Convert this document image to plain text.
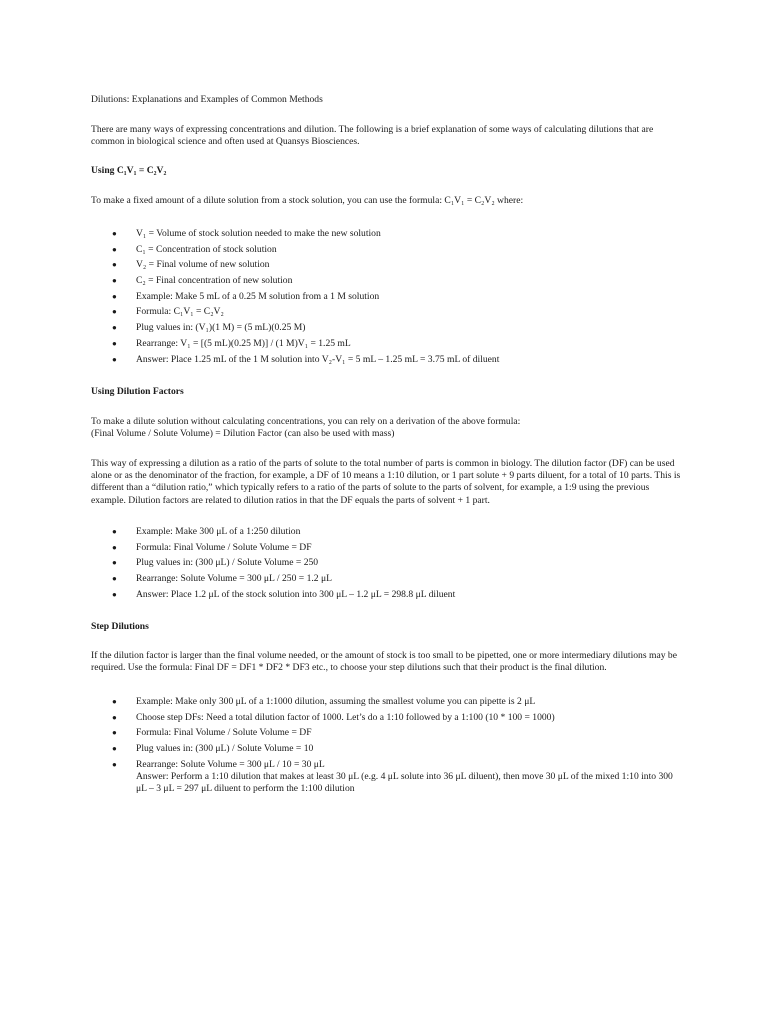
Dilutions: Explanations and Examples of Common Methods

There are many ways of expressing concentrations and dilution. The following is a brief explanation of some ways of calculating dilutions that are common in biological science and often used at Quansys Biosciences.

Using C₁V₁ = C₂V₂

To make a fixed amount of a dilute solution from a stock solution, you can use the formula: C₁V₁ = C₂V₂ where:

● V₁ = Volume of stock solution needed to make the new solution
● C₁ = Concentration of stock solution
● V₂ = Final volume of new solution
● C₂ = Final concentration of new solution
● Example: Make 5 mL of a 0.25 M solution from a 1 M solution
● Formula: C₁V₁ = C₂V₂
● Plug values in: (V₁)(1 M) = (5 mL)(0.25 M)
● Rearrange: V₁ = [(5 mL)(0.25 M)] / (1 M)V₁ = 1.25 mL
● Answer: Place 1.25 mL of the 1 M solution into V₂-V₁ = 5 mL – 1.25 mL = 3.75 mL of diluent
Using Dilution Factors

To make a dilute solution without calculating concentrations, you can rely on a derivation of the above formula:

(Final Volume / Solute Volume) = Dilution Factor (can also be used with mass)

This way of expressing a dilution as a ratio of the parts of solute to the total number of parts is common in biology. The dilution factor (DF) can be used alone or as the denominator of the fraction, for example, a DF of 10 means a 1:10 dilution, or 1 part solute + 9 parts diluent, for a total of 10 parts. This is different than a “dilution ratio,” which typically refers to a ratio of the parts of solute to the parts of solvent, for example, a 1:9 using the previous example. Dilution factors are related to dilution ratios in that the DF equals the parts of solvent + 1 part.

● Example: Make 300 μL of a 1:250 dilution
● Formula: Final Volume / Solute Volume = DF
● Plug values in: (300 μL) / Solute Volume = 250
● Rearrange: Solute Volume = 300 μL / 250 = 1.2 μL
● Answer: Place 1.2 μL of the stock solution into 300 μL – 1.2 μL = 298.8 μL diluent
Step Dilutions

If the dilution factor is larger than the final volume needed, or the amount of stock is too small to be pipetted, one or more intermediary dilutions may be required. Use the formula: Final DF = DF1 * DF2 * DF3 etc., to choose your step dilutions such that their product is the final dilution.

● Example: Make only 300 μL of a 1:1000 dilution, assuming the smallest volume you can pipette is 2 μL
● Choose step DFs: Need a total dilution factor of 1000. Let’s do a 1:10 followed by a 1:100 (10 * 100 = 1000)
● Formula: Final Volume / Solute Volume = DF
● Plug values in: (300 μL) / Solute Volume = 10
● Rearrange: Solute Volume = 300 μL / 10 = 30 μL
Answer: Perform a 1:10 dilution that makes at least 30 μL (e.g. 4 μL solute into 36 μL diluent), then move 30 μL of the mixed 1:10 into 300 μL – 3 μL = 297 μL diluent to perform the 1:100 dilution
